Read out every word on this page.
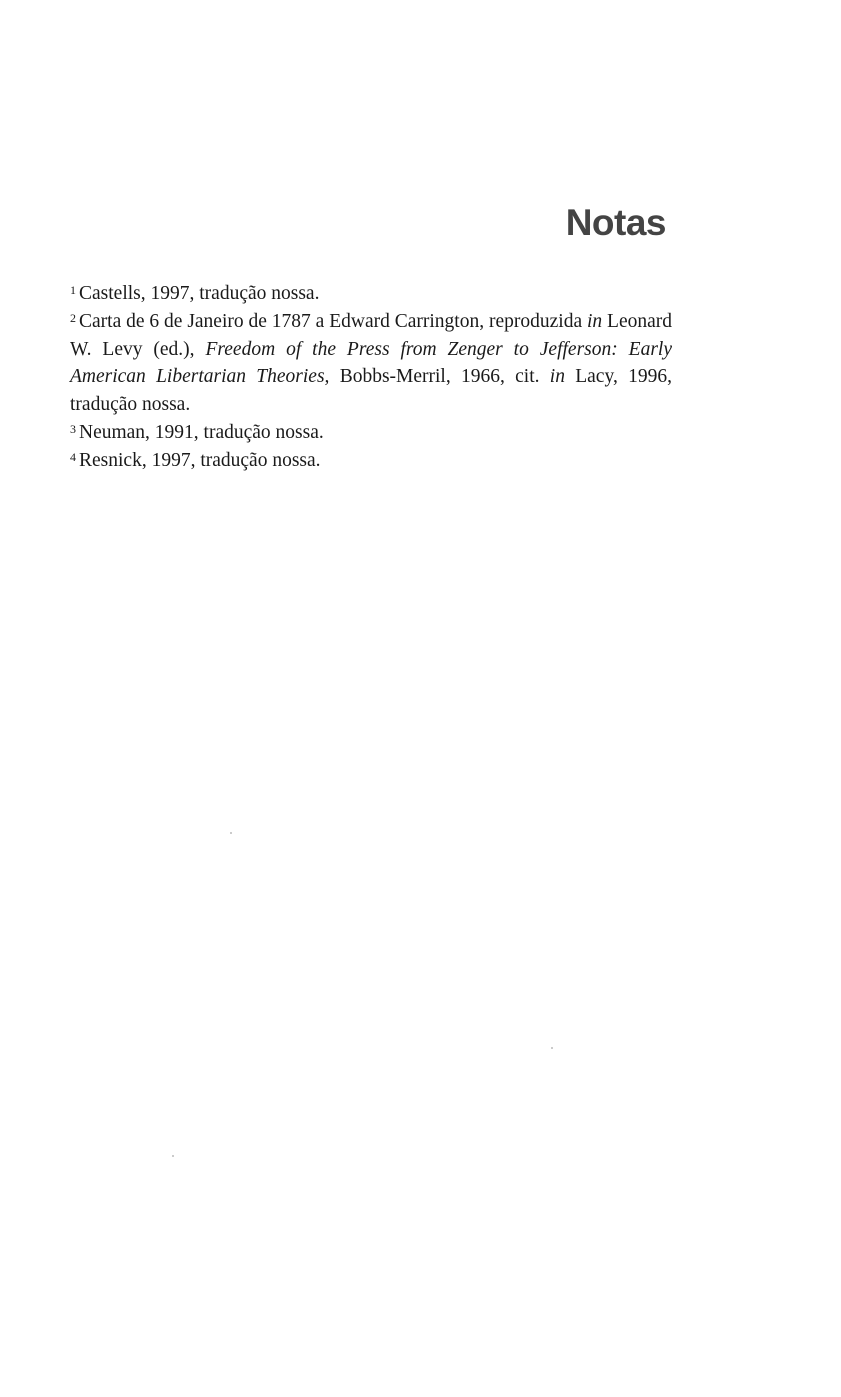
Notas

$^1$ Castells, 1997, tradução nossa.

$^2$ Carta de 6 de Janeiro de 1787 a Edward Carrington, reproduzida in Leonard W. Levy (ed.), Freedom of the Press from Zenger to Jefferson: Early American Libertarian Theories, Bobbs-Merril, 1966, cit. in Lacy, 1996, tradução nossa.

$^3$ Neuman, 1991, tradução nossa.

$^4$ Resnick, 1997, tradução nossa.
